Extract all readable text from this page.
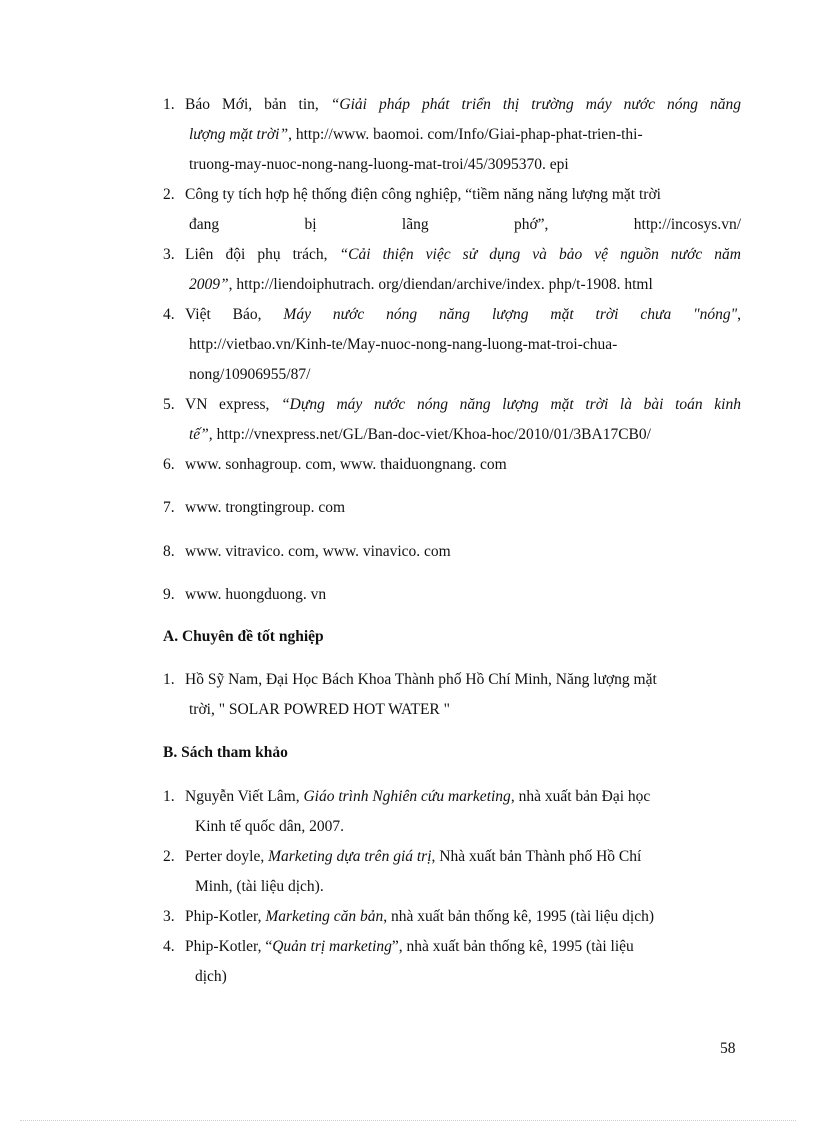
1. Báo Mới, bản tin, “Giải pháp phát triển thị trường máy nước nóng năng
lượng mặt trời”, http://www. baomoi. com/Info/Giai-phap-phat-trien-thi-
truong-may-nuoc-nong-nang-luong-mat-troi/45/3095370. epi
2. Công ty tích hợp hệ thống điện công nghiệp, “tiềm năng năng lượng mặt trời
đang	bị	lãng	phớ”,	http://incosys.vn/
3. Liên đội phụ trách, “Cải thiện việc sử dụng và bảo vệ nguồn nước năm
2009”, http://liendoiphutrach. org/diendan/archive/index. php/t-1908. html
4. Việt Báo, Máy nước nóng năng lượng mặt trời chưa "nóng",
http://vietbao.vn/Kinh-te/May-nuoc-nong-nang-luong-mat-troi-chua-
nong/10906955/87/
5. VN express, “Dựng máy nước nóng năng lượng mặt trời là bài toán kinh
tế”, http://vnexpress.net/GL/Ban-doc-viet/Khoa-hoc/2010/01/3BA17CB0/
6. www. sonhagroup. com, www. thaiduongnang. com
7. www. trongtingroup. com
8. www. vitravico. com, www. vinavico. com
9. www. huongduong. vn
A. Chuyên đề tốt nghiệp
1. Hồ Sỹ Nam, Đại Học Bách Khoa Thành phố Hồ Chí Minh, Năng lượng mặt
trời, " SOLAR POWRED HOT WATER "
B. Sách tham khảo
1. Nguyễn Viết Lâm, Giáo trình Nghiên cứu marketing, nhà xuất bản Đại học
Kinh tế quốc dân, 2007.
2. Perter doyle, Marketing dựa trên giá trị, Nhà xuất bản Thành phố Hồ Chí
Minh, (tài liệu dịch).
3. Phip-Kotler, Marketing căn bản, nhà xuất bản thống kê, 1995 (tài liệu dịch)
4. Phip-Kotler, “Quản trị marketing”, nhà xuất bản thống kê, 1995 (tài liệu
dịch)
58
